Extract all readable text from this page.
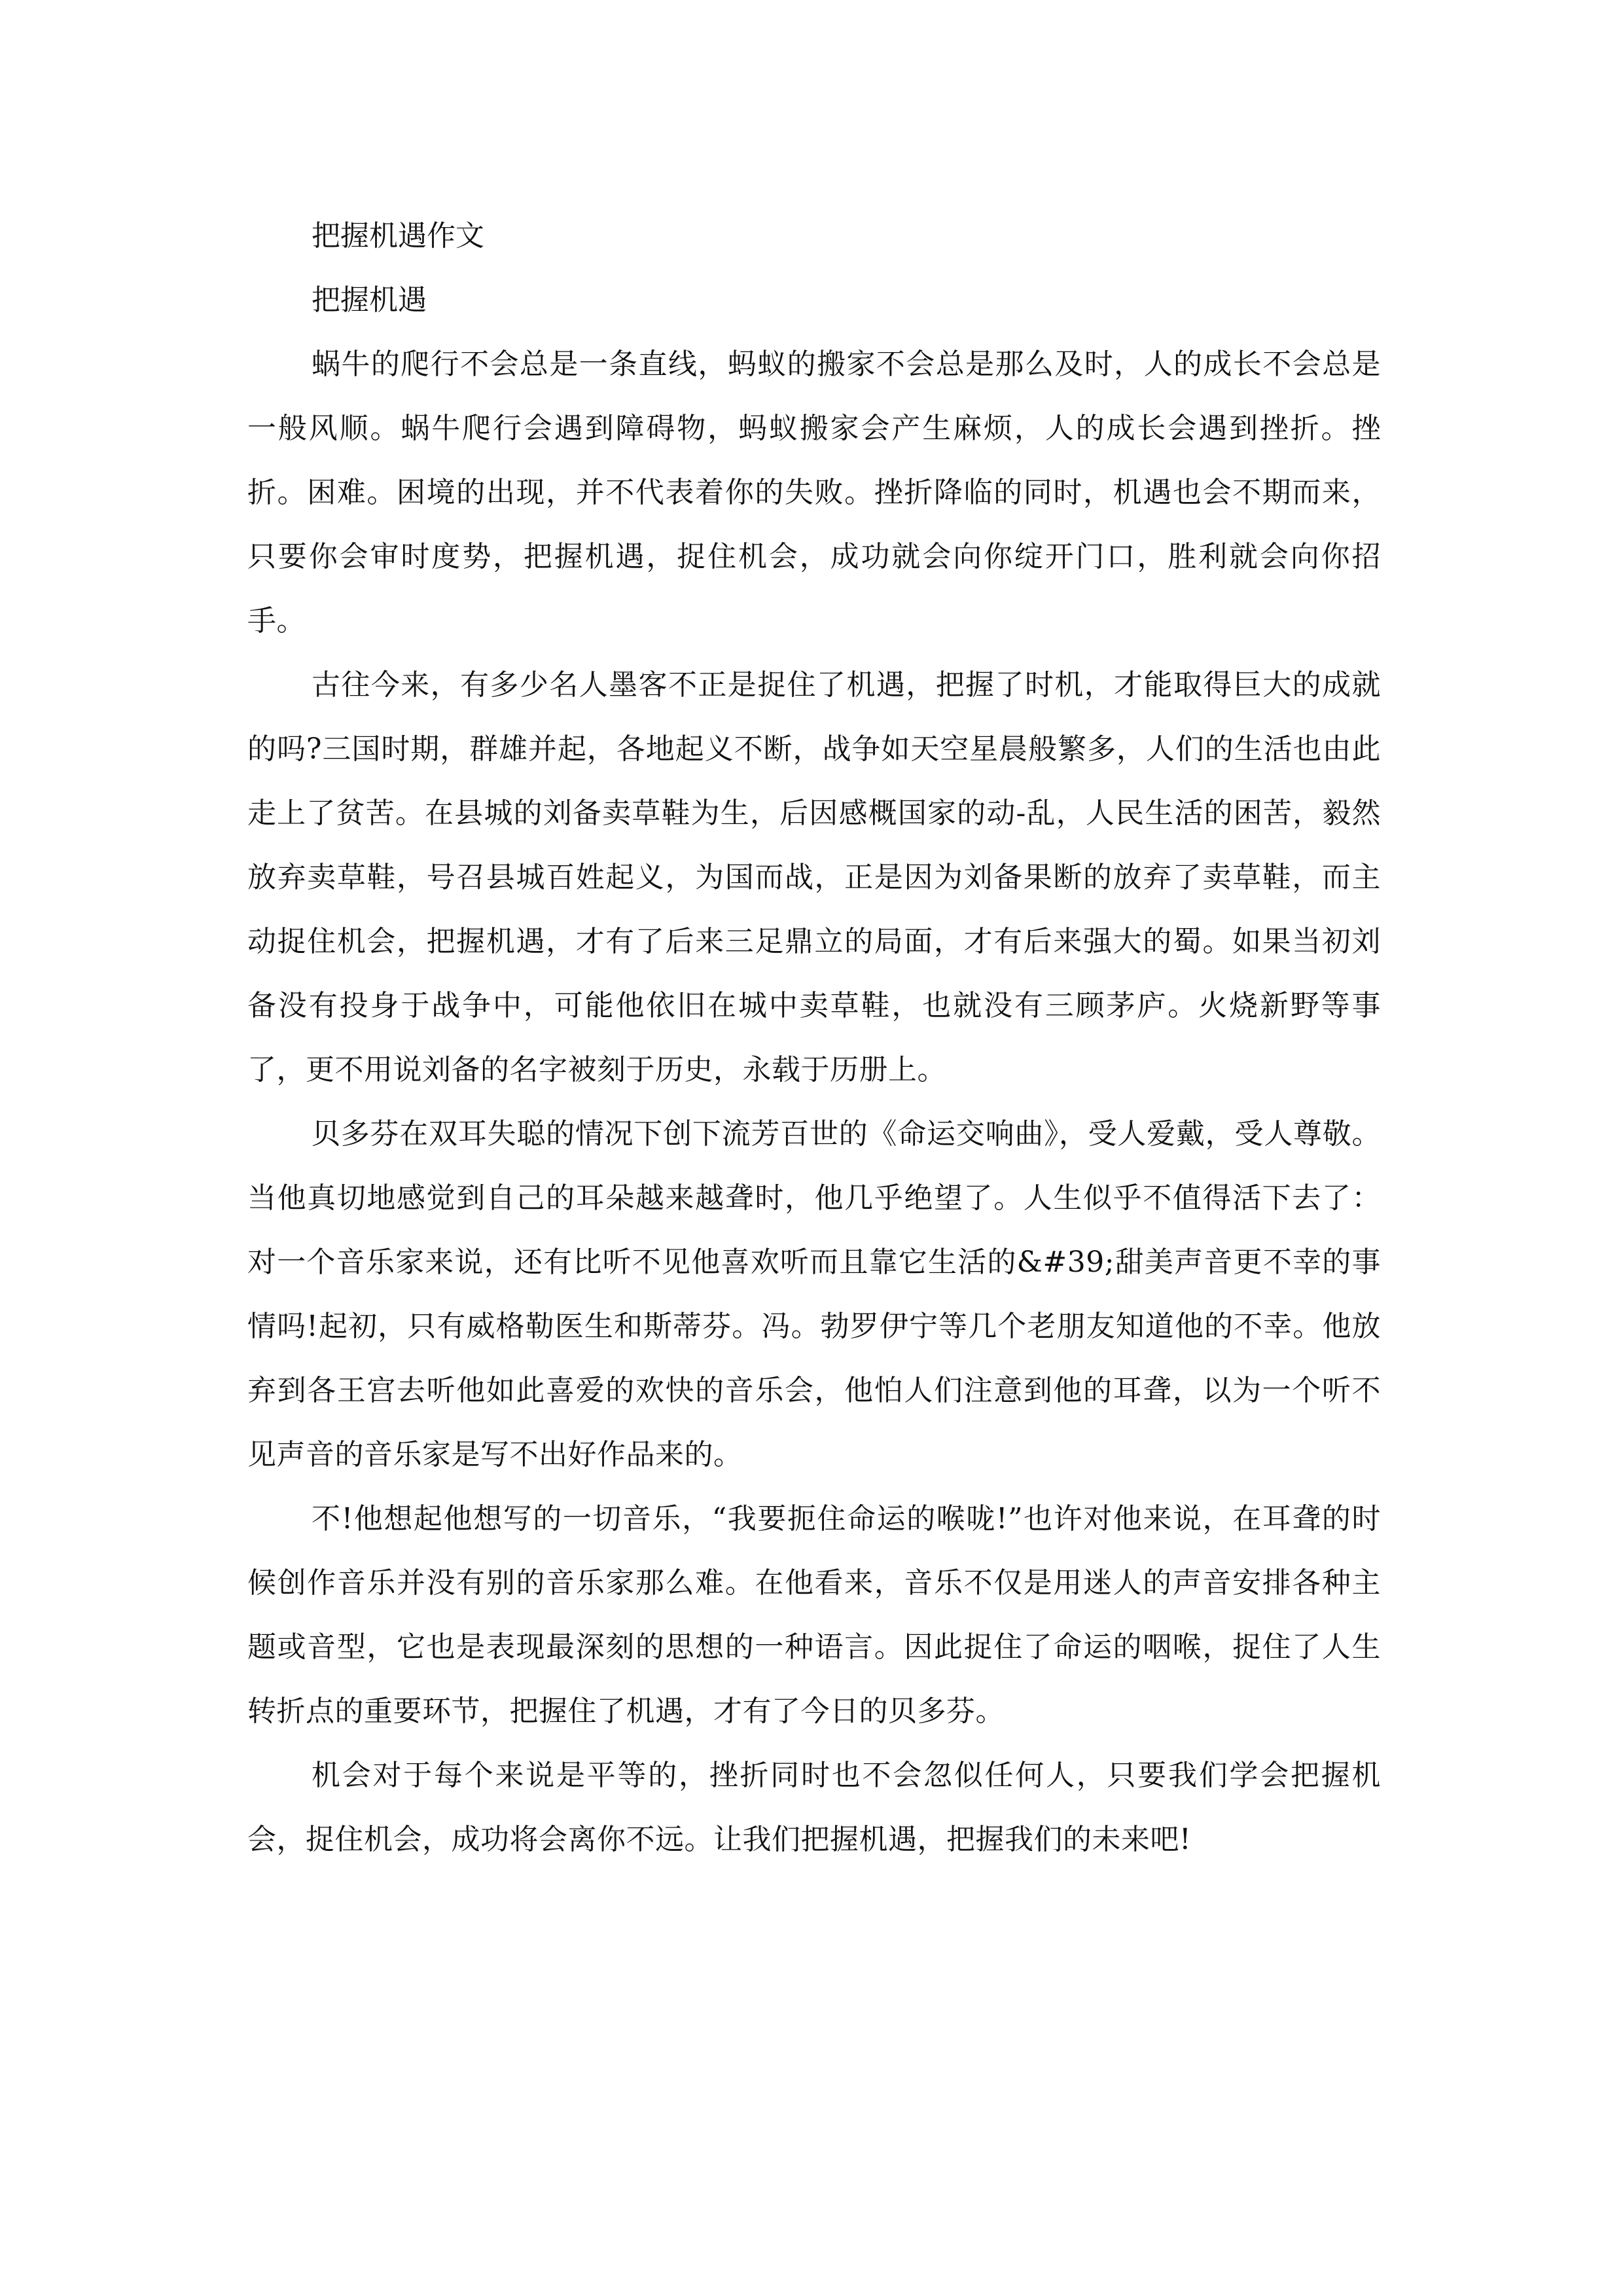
把握机遇作文

把握机遇

蜗牛的爬行不会总是一条直线，蚂蚁的搬家不会总是那么及时，人的成长不会总是一般风顺。蜗牛爬行会遇到障碍物，蚂蚁搬家会产生麻烦，人的成长会遇到挫折。挫折。困难。困境的出现，并不代表着你的失败。挫折降临的同时，机遇也会不期而来，只要你会审时度势，把握机遇，捉住机会，成功就会向你绽开门口，胜利就会向你招手。

古往今来，有多少名人墨客不正是捉住了机遇，把握了时机，才能取得巨大的成就的吗?三国时期，群雄并起，各地起义不断，战争如天空星晨般繁多，人们的生活也由此走上了贫苦。在县城的刘备卖草鞋为生，后因感概国家的动-乱，人民生活的困苦，毅然放弃卖草鞋，号召县城百姓起义，为国而战，正是因为刘备果断的放弃了卖草鞋，而主动捉住机会，把握机遇，才有了后来三足鼎立的局面，才有后来强大的蜀。如果当初刘备没有投身于战争中，可能他依旧在城中卖草鞋，也就没有三顾茅庐。火烧新野等事了，更不用说刘备的名字被刻于历史，永载于历册上。

贝多芬在双耳失聪的情况下创下流芳百世的《命运交响曲》，受人爱戴，受人尊敬。当他真切地感觉到自己的耳朵越来越聋时，他几乎绝望了。人生似乎不值得活下去了：对一个音乐家来说，还有比听不见他喜欢听而且靠它生活的&#39;甜美声音更不幸的事情吗!起初，只有威格勒医生和斯蒂芬。冯。勃罗伊宁等几个老朋友知道他的不幸。他放弃到各王宫去听他如此喜爱的欢快的音乐会，他怕人们注意到他的耳聋，以为一个听不见声音的音乐家是写不出好作品来的。

不!他想起他想写的一切音乐，“我要扼住命运的喉咙!”也许对他来说，在耳聋的时候创作音乐并没有别的音乐家那么难。在他看来，音乐不仅是用迷人的声音安排各种主题或音型，它也是表现最深刻的思想的一种语言。因此捉住了命运的咽喉，捉住了人生转折点的重要环节，把握住了机遇，才有了今日的贝多芬。

机会对于每个来说是平等的，挫折同时也不会忽似任何人，只要我们学会把握机会，捉住机会，成功将会离你不远。让我们把握机遇，把握我们的未来吧!
